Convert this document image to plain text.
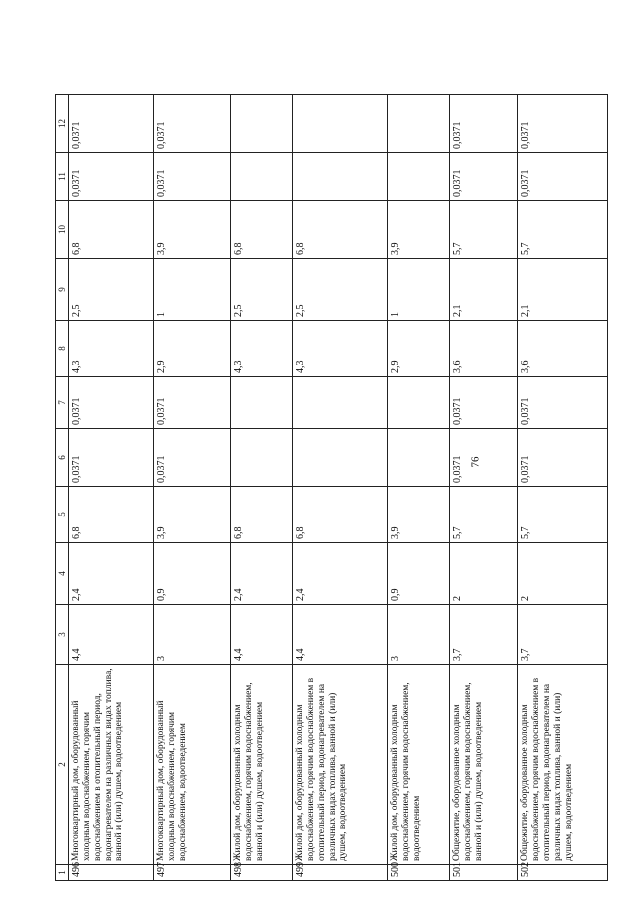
76
1	2	3	4	5	6	7	8	9	10	11	12
496	Многоквартирный дом, оборудованный холодным водоснабжением, горячим водоснабжением в отопительный период, водонагревателем на различных видах топлива, ванной и (или) душем, водоотведением	4,4	2,4	6,8	0,0371	0,0371	4,3	2,5	6,8	0,0371	0,0371
497	Многоквартирный дом, оборудованный холодным водоснабжением, горячим водоснабжением, водоотведением	3	0,9	3,9	0,0371	0,0371	2,9	1	3,9	0,0371	0,0371
498	Жилой дом, оборудованный холодным водоснабжением, горячим водоснабжением, ванной и (или) душем, водоотведением	4,4	2,4	6,8			4,3	2,5	6,8		
499	Жилой дом, оборудованный холодным водоснабжением, горячим водоснабжением в отопительный период, водонагревателем на различных видах топлива, ванной и (или) душем, водоотведением	4,4	2,4	6,8			4,3	2,5	6,8		
500	Жилой дом, оборудованный холодным водоснабжением, горячим водоснабжением, водоотведением	3	0,9	3,9			2,9	1	3,9		
501	Общежитие, оборудованное холодным водоснабжением, горячим водоснабжением, ванной и (или) душем, водоотведением	3,7	2	5,7	0,0371	0,0371	3,6	2,1	5,7	0,0371	0,0371
502	Общежитие, оборудованное холодным водоснабжением, горячим водоснабжением в отопительный период, водонагревателем на различных видах топлива, ванной и (или) душем, водоотведением	3,7	2	5,7	0,0371	0,0371	3,6	2,1	5,7	0,0371	0,0371
